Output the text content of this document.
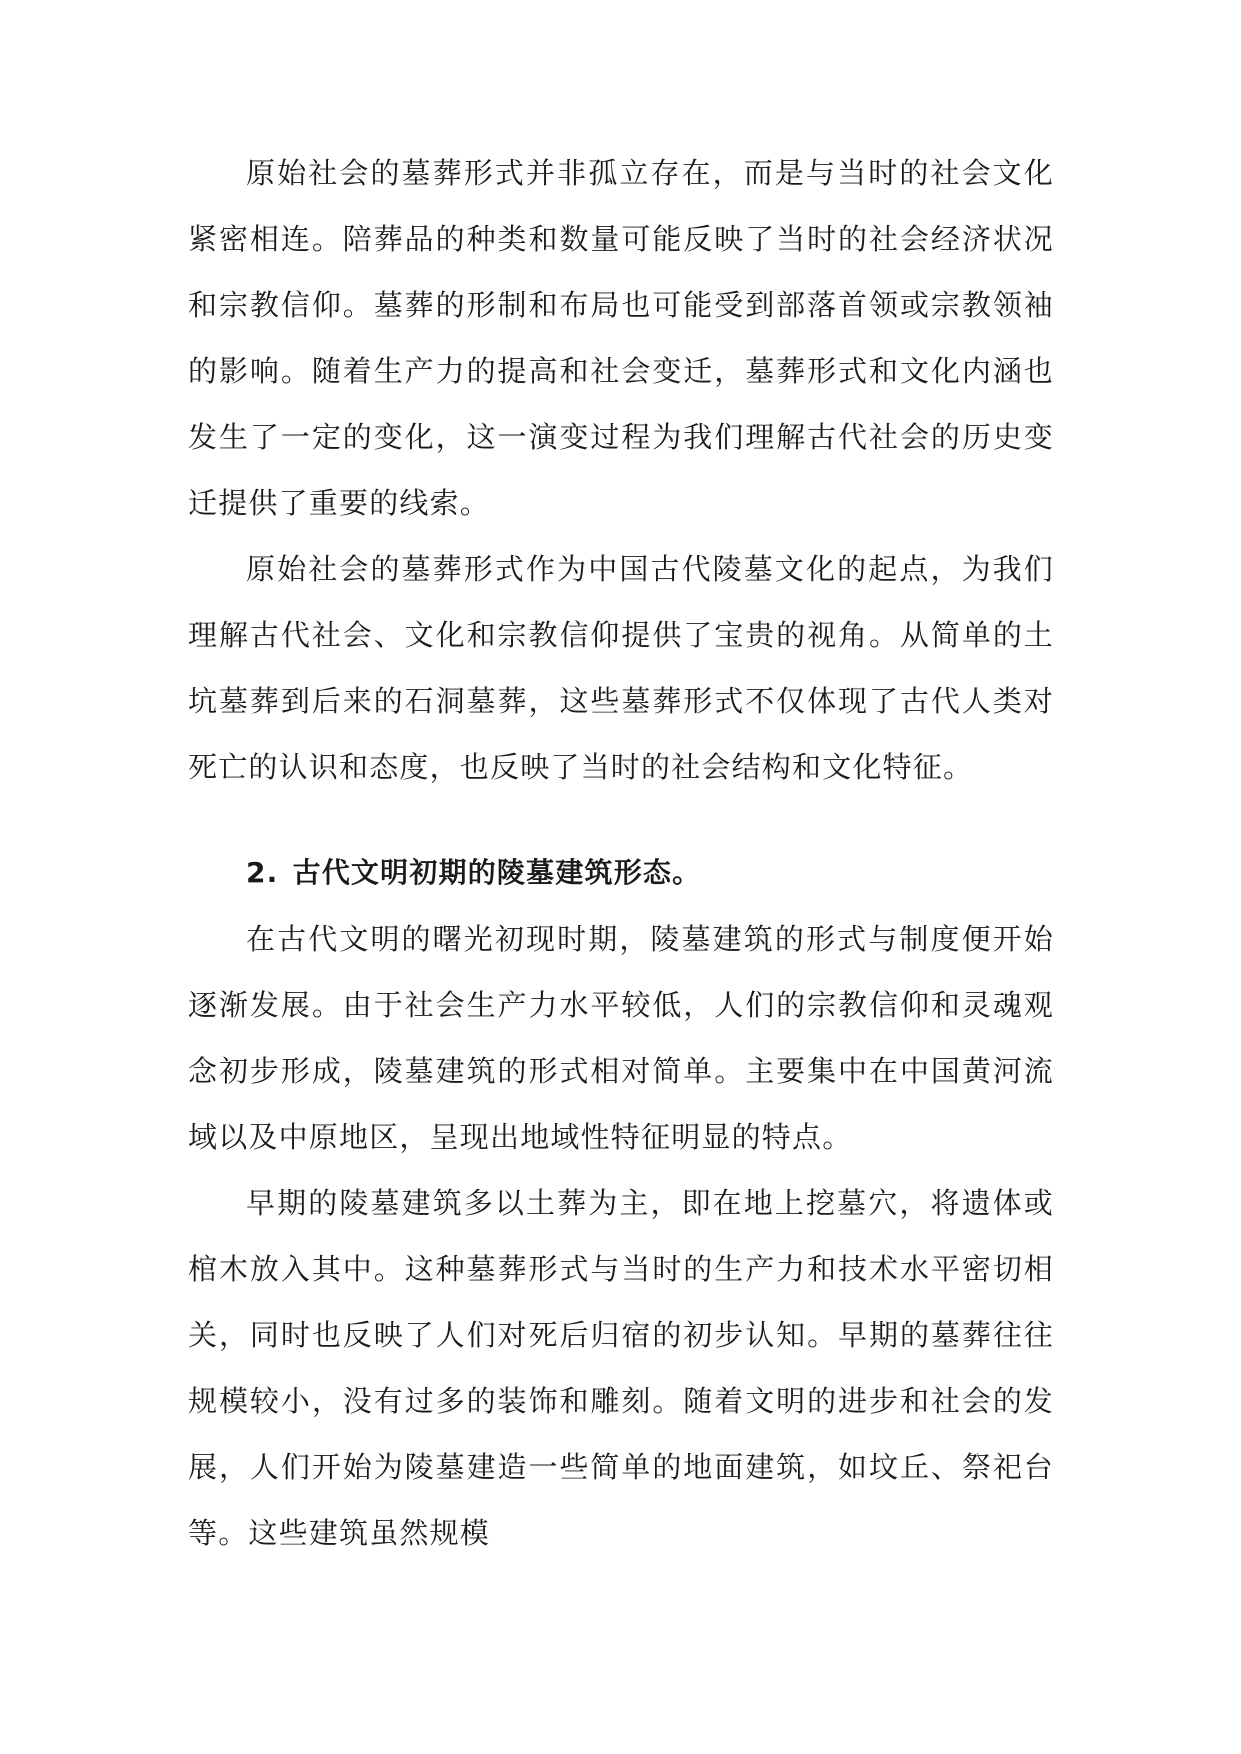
原始社会的墓葬形式并非孤立存在，而是与当时的社会文化紧密相连。陪葬品的种类和数量可能反映了当时的社会经济状况和宗教信仰。墓葬的形制和布局也可能受到部落首领或宗教领袖的影响。随着生产力的提高和社会变迁，墓葬形式和文化内涵也发生了一定的变化，这一演变过程为我们理解古代社会的历史变迁提供了重要的线索。

原始社会的墓葬形式作为中国古代陵墓文化的起点，为我们理解古代社会、文化和宗教信仰提供了宝贵的视角。从简单的土坑墓葬到后来的石洞墓葬，这些墓葬形式不仅体现了古代人类对死亡的认识和态度，也反映了当时的社会结构和文化特征。

2. 古代文明初期的陵墓建筑形态。

在古代文明的曙光初现时期，陵墓建筑的形式与制度便开始逐渐发展。由于社会生产力水平较低，人们的宗教信仰和灵魂观念初步形成，陵墓建筑的形式相对简单。主要集中在中国黄河流域以及中原地区，呈现出地域性特征明显的特点。

早期的陵墓建筑多以土葬为主，即在地上挖墓穴，将遗体或棺木放入其中。这种墓葬形式与当时的生产力和技术水平密切相关，同时也反映了人们对死后归宿的初步认知。早期的墓葬往往规模较小，没有过多的装饰和雕刻。随着文明的进步和社会的发展，人们开始为陵墓建造一些简单的地面建筑，如坟丘、祭祀台等。这些建筑虽然规模
